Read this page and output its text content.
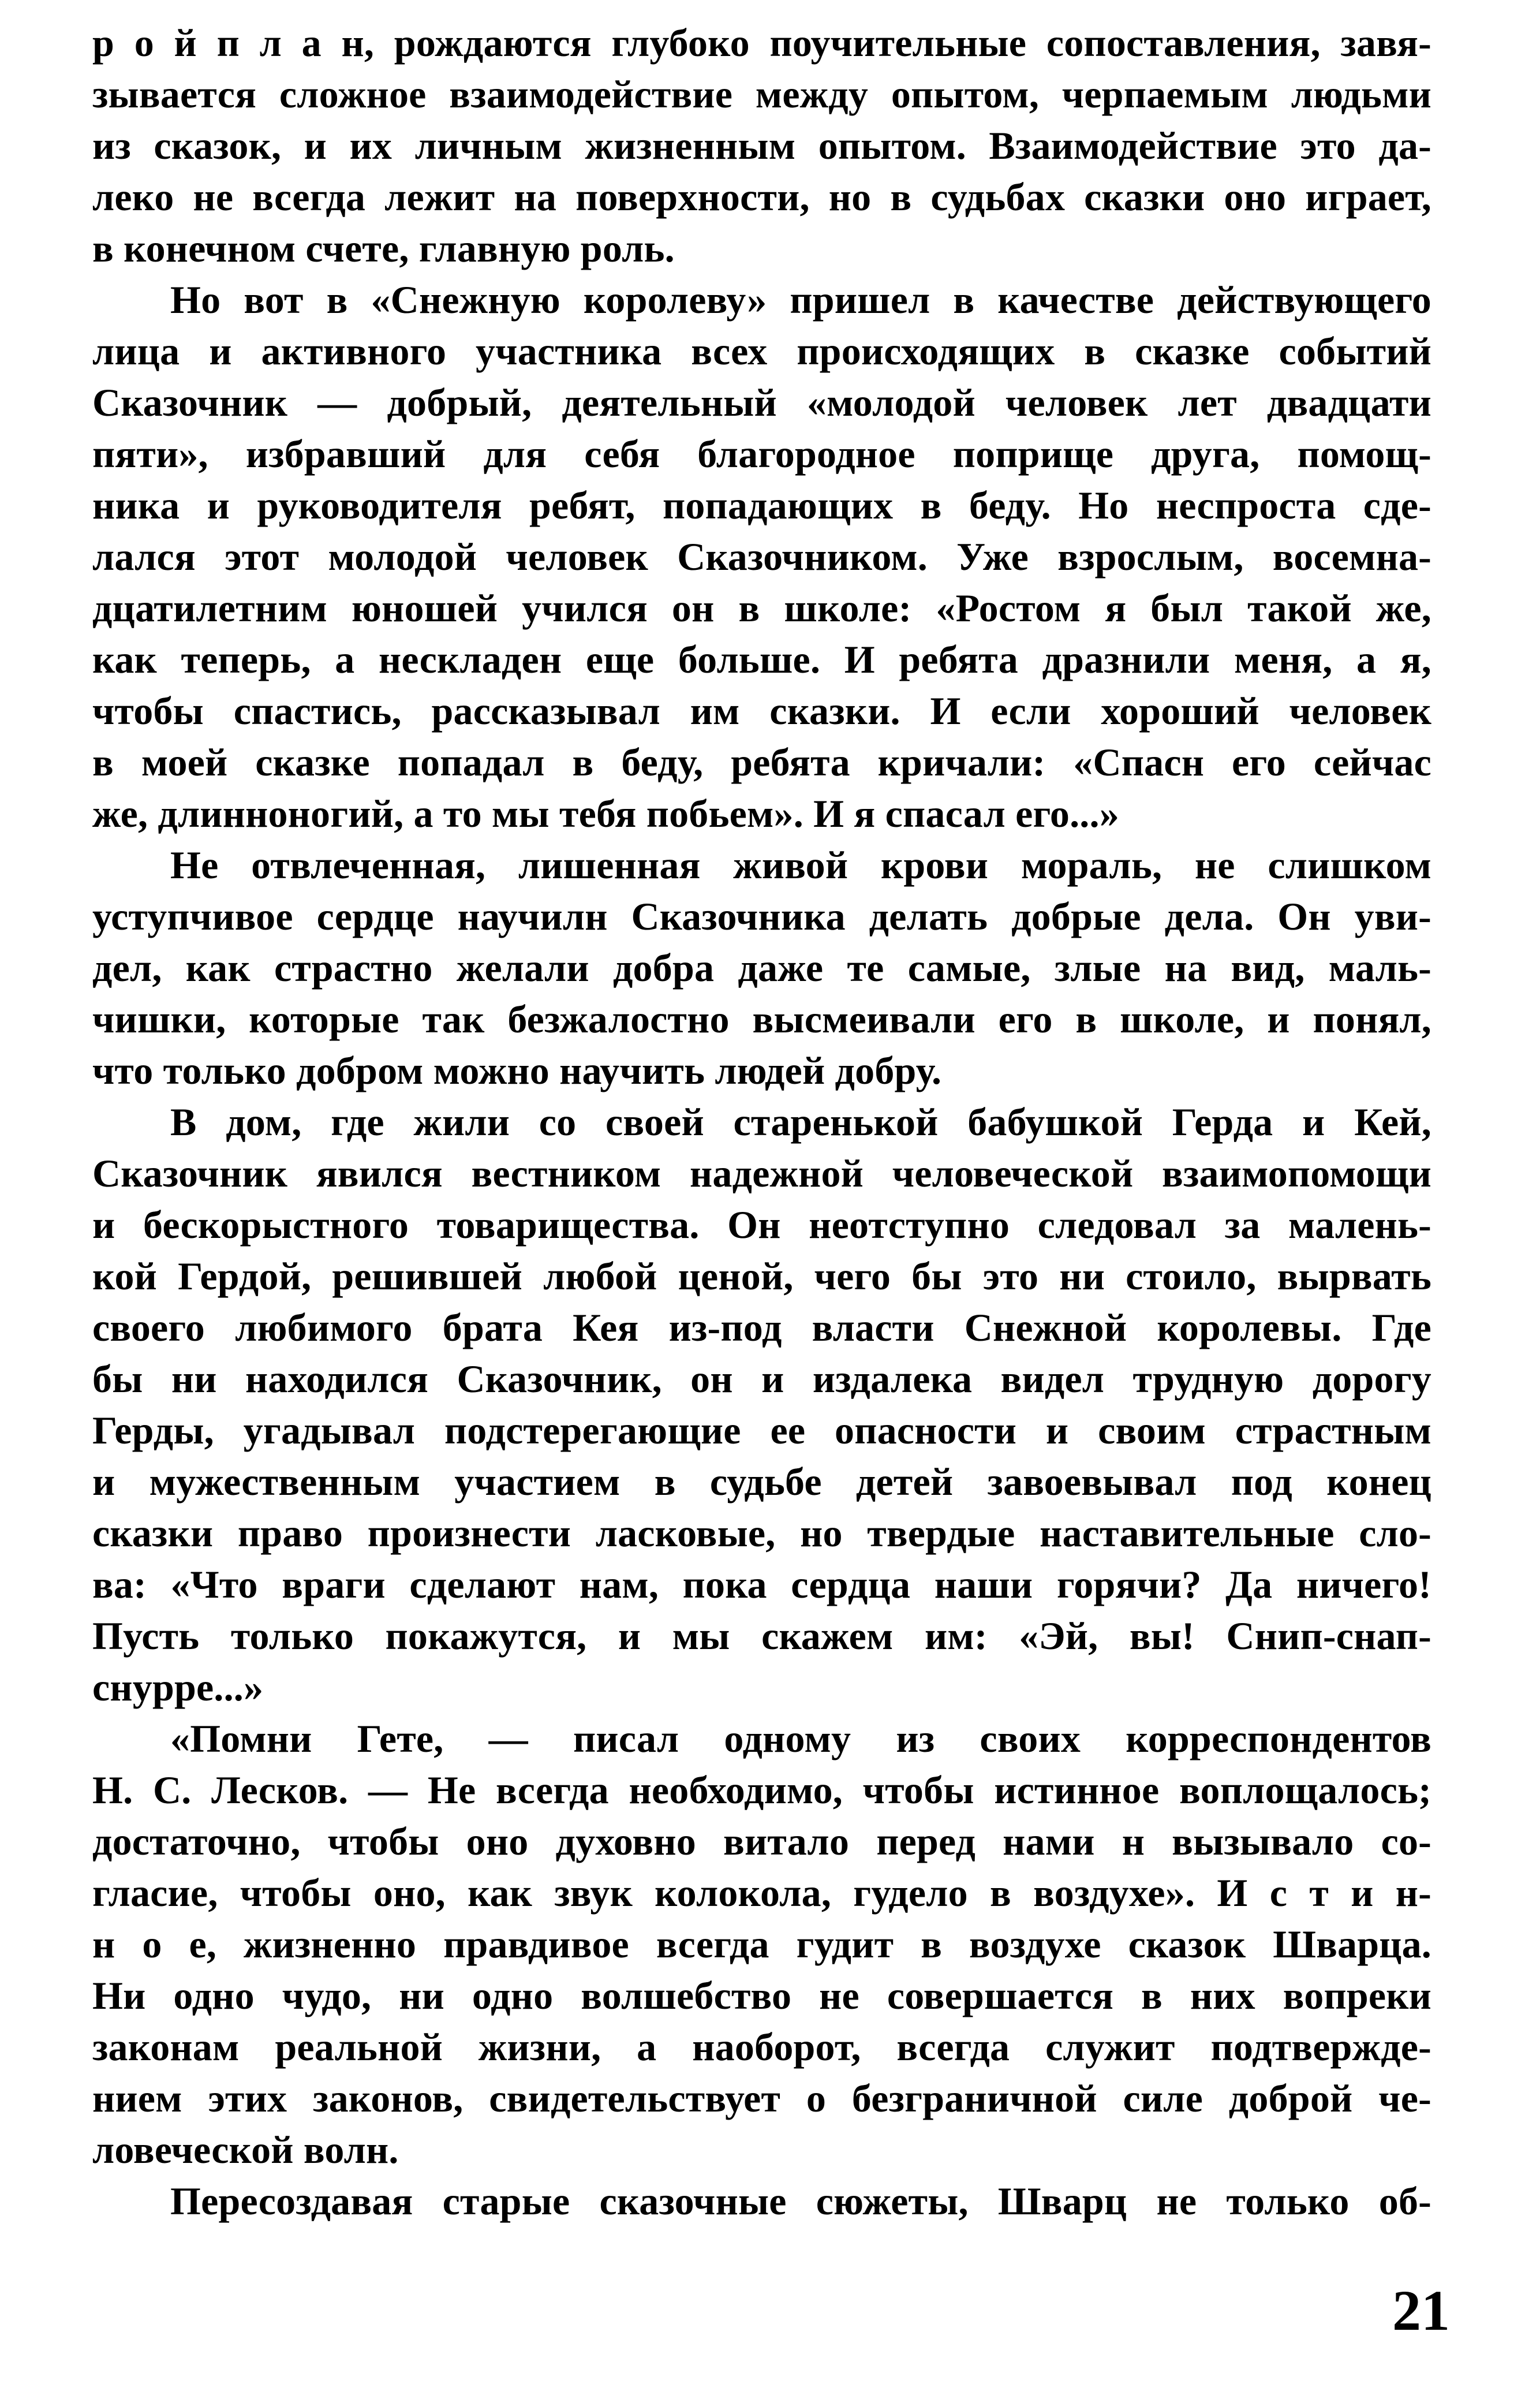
р о й п л а н, рождаются глубоко поучительные сопоставления, завя-
зывается сложное взаимодействие между опытом, черпаемым людьми
из сказок, и их личным жизненным опытом. Взаимодействие это да-
леко не всегда лежит на поверхности, но в судьбах сказки оно играет,
в конечном счете, главную роль.
Но вот в «Снежную королеву» пришел в качестве действующего
лица и активного участника всех происходящих в сказке событий
Сказочник — добрый, деятельный «молодой человек лет двадцати
пяти», избравший для себя благородное поприще друга, помощ-
ника и руководителя ребят, попадающих в беду. Но неспроста сде-
лался этот молодой человек Сказочником. Уже взрослым, восемна-
дцатилетним юношей учился он в школе: «Ростом я был такой же,
как теперь, а нескладен еще больше. И ребята дразнили меня, а я,
чтобы спастись, рассказывал им сказки. И если хороший человек
в моей сказке попадал в беду, ребята кричали: «Спасн его сейчас
же, длинноногий, а то мы тебя побьем». И я спасал его...»
Не отвлеченная, лишенная живой крови мораль, не слишком
уступчивое сердце научилн Сказочника делать добрые дела. Он уви-
дел, как страстно желали добра даже те самые, злые на вид, маль-
чишки, которые так безжалостно высмеивали его в школе, и понял,
что только добром можно научить людей добру.
В дом, где жили со своей старенькой бабушкой Герда и Кей,
Сказочник явился вестником надежной человеческой взаимопомощи
и бескорыстного товарищества. Он неотступно следовал за малень-
кой Гердой, решившей любой ценой, чего бы это ни стоило, вырвать
своего любимого брата Кея из-под власти Снежной королевы. Где
бы ни находился Сказочник, он и издалека видел трудную дорогу
Герды, угадывал подстерегающие ее опасности и своим страстным
и мужественным участием в судьбе детей завоевывал под конец
сказки право произнести ласковые, но твердые наставительные сло-
ва: «Что враги сделают нам, пока сердца наши горячи? Да ничего!
Пусть только покажутся, и мы скажем им: «Эй, вы! Снип-снап-
снурре...»
«Помни Гете, — писал одному из своих корреспондентов
Н. С. Лесков. — Не всегда необходимо, чтобы истинное воплощалось;
достаточно, чтобы оно духовно витало перед нами н вызывало со-
гласие, чтобы оно, как звук колокола, гудело в воздухе». И с т и н-
н о е, жизненно правдивое всегда гудит в воздухе сказок Шварца.
Ни одно чудо, ни одно волшебство не совершается в них вопреки
законам реальной жизни, а наоборот, всегда служит подтвержде-
нием этих законов, свидетельствует о безграничной силе доброй че-
ловеческой волн.
Пересоздавая старые сказочные сюжеты, Шварц не только об-
21
